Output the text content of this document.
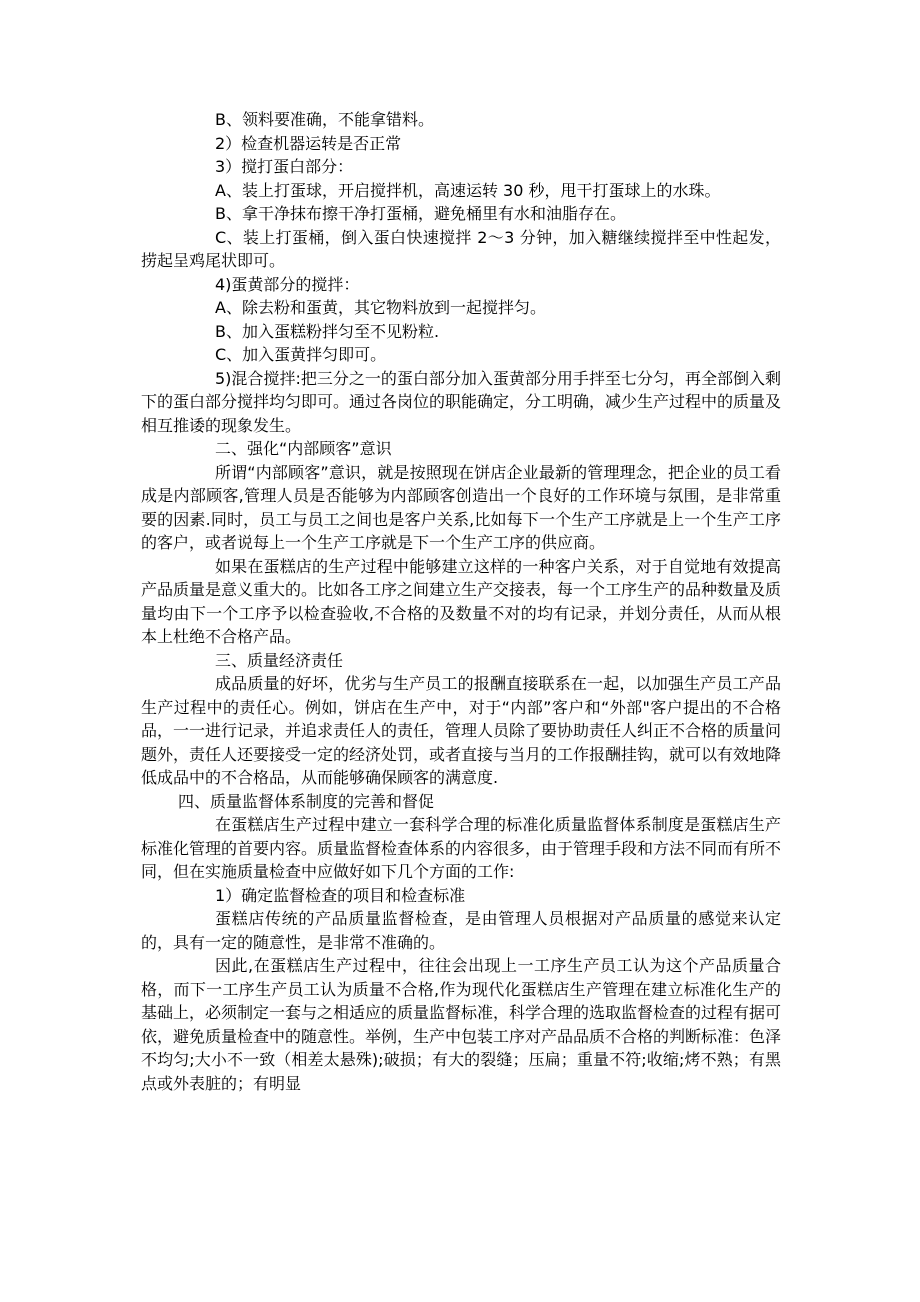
B、领料要准确，不能拿错料。

2）检查机器运转是否正常

3）搅打蛋白部分：

A、装上打蛋球，开启搅拌机，高速运转 30 秒，甩干打蛋球上的水珠。

B、拿干净抹布擦干净打蛋桶，避免桶里有水和油脂存在。

C、装上打蛋桶，倒入蛋白快速搅拌 2～3 分钟，加入糖继续搅拌至中性起发，捞起呈鸡尾状即可。

4)蛋黄部分的搅拌：

A、除去粉和蛋黄，其它物料放到一起搅拌匀。

B、加入蛋糕粉拌匀至不见粉粒.

C、加入蛋黄拌匀即可。

5)混合搅拌:把三分之一的蛋白部分加入蛋黄部分用手拌至七分匀，再全部倒入剩下的蛋白部分搅拌均匀即可。通过各岗位的职能确定，分工明确，减少生产过程中的质量及相互推诿的现象发生。

二、强化“内部顾客”意识

所谓“内部顾客”意识，就是按照现在饼店企业最新的管理理念，把企业的员工看成是内部顾客,管理人员是否能够为内部顾客创造出一个良好的工作环境与氛围，是非常重要的因素.同时，员工与员工之间也是客户关系,比如每下一个生产工序就是上一个生产工序的客户，或者说每上一个生产工序就是下一个生产工序的供应商。

如果在蛋糕店的生产过程中能够建立这样的一种客户关系，对于自觉地有效提高产品质量是意义重大的。比如各工序之间建立生产交接表，每一个工序生产的品种数量及质量均由下一个工序予以检查验收,不合格的及数量不对的均有记录，并划分责任，从而从根本上杜绝不合格产品。

三、质量经济责任

成品质量的好坏，优劣与生产员工的报酬直接联系在一起，以加强生产员工产品生产过程中的责任心。例如，饼店在生产中，对于“内部”客户和“外部"客户提出的不合格品，一一进行记录，并追求责任人的责任，管理人员除了要协助责任人纠正不合格的质量问题外，责任人还要接受一定的经济处罚，或者直接与当月的工作报酬挂钩，就可以有效地降低成品中的不合格品，从而能够确保顾客的满意度.

四、质量监督体系制度的完善和督促

在蛋糕店生产过程中建立一套科学合理的标准化质量监督体系制度是蛋糕店生产标准化管理的首要内容。质量监督检查体系的内容很多，由于管理手段和方法不同而有所不同，但在实施质量检查中应做好如下几个方面的工作:

1）确定监督检查的项目和检查标准

蛋糕店传统的产品质量监督检查，是由管理人员根据对产品质量的感觉来认定的，具有一定的随意性，是非常不准确的。

因此,在蛋糕店生产过程中，往往会出现上一工序生产员工认为这个产品质量合格，而下一工序生产员工认为质量不合格,作为现代化蛋糕店生产管理在建立标准化生产的基础上，必须制定一套与之相适应的质量监督标准，科学合理的选取监督检查的过程有据可依，避免质量检查中的随意性。举例，生产中包装工序对产品品质不合格的判断标准：色泽不均匀;大小不一致（相差太悬殊);破损；有大的裂缝；压扁；重量不符;收缩;烤不熟；有黑点或外表脏的；有明显
